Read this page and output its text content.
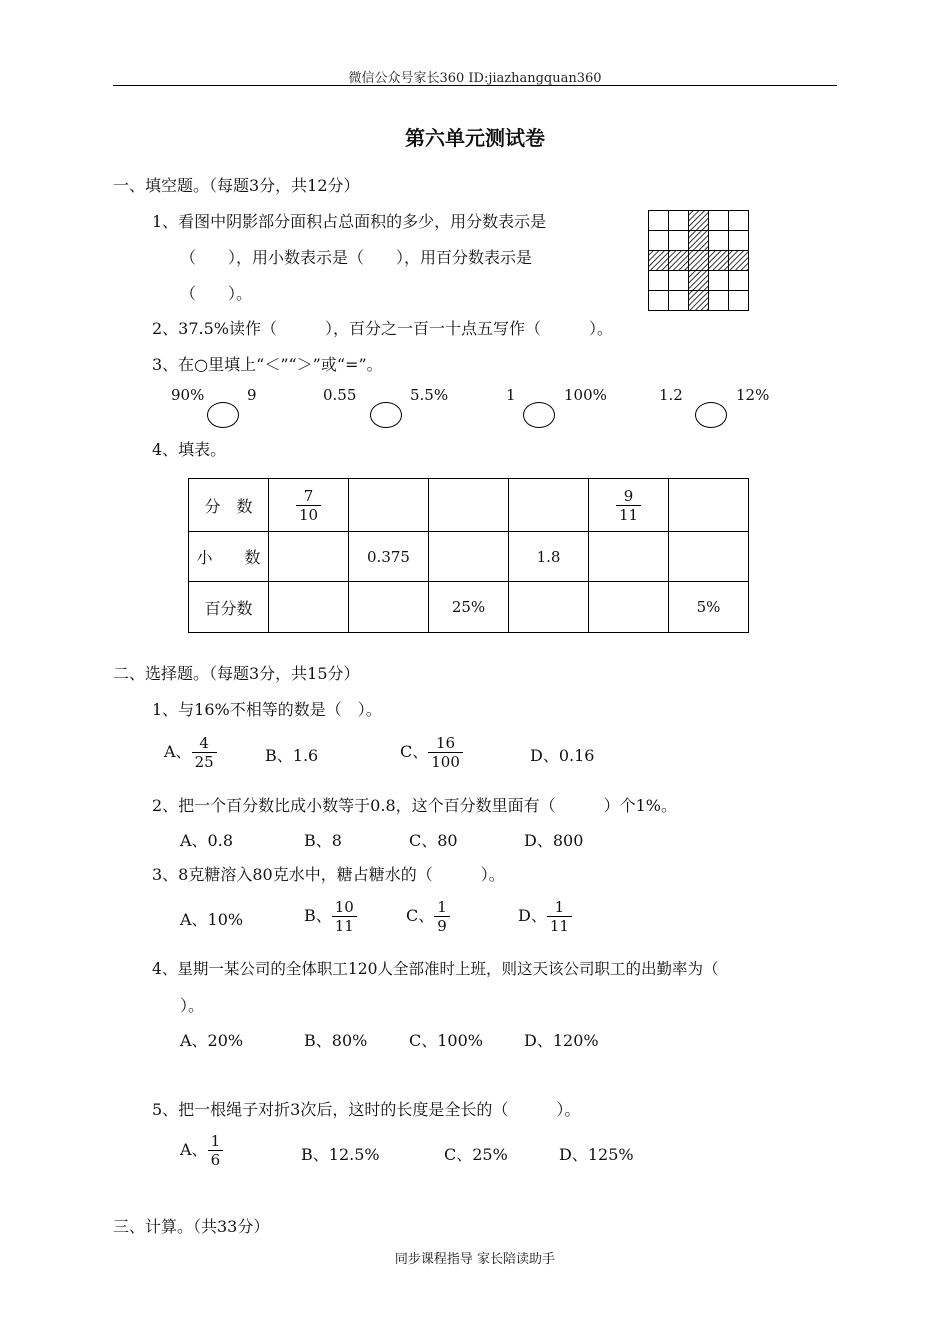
微信公众号家长360 ID:jiazhangquan360
第六单元测试卷
一、填空题。（每题3分，共12分）
1、看图中阴影部分面积占总面积的多少，用分数表示是
（　　），用小数表示是（　　），用百分数表示是
（　　）。
2、37.5%读作（　　　），百分之一百一十点五写作（　　　）。
3、在○里填上“＜”“＞”或“=”。
90%	9	0.55	5.5%	1	100%	1.2	12%
4、填表。
分　数	$\frac{7}{10}$				$\frac{9}{11}$

小　　数		0.375		1.8		
百分数			25%			5%
二、选择题。（每题3分，共15分）
1、与16%不相等的数是（　）。
A、 $\frac{4}{25}$	B、1.6	C、 $\frac{16}{100}$	D、0.16
2、把一个百分数比成小数等于0.8，这个百分数里面有（　　　）个1%。
A、0.8	B、8	C、80	D、800
3、8克糖溶入80克水中，糖占糖水的（　　　）。
A、10%	B、 $\frac{10}{11}$	C、 $\frac{1}{9}$	D、 $\frac{1}{11}$
4、星期一某公司的全体职工120人全部准时上班，则这天该公司职工的出勤率为（
）。
A、20%	B、80%	C、100%	D、120%
5、把一根绳子对折3次后，这时的长度是全长的（　　　）。
A、 $\frac{1}{6}$	B、12.5%	C、25%	D、125%
三、计算。（共33分）
同步课程指导 家长陪读助手
